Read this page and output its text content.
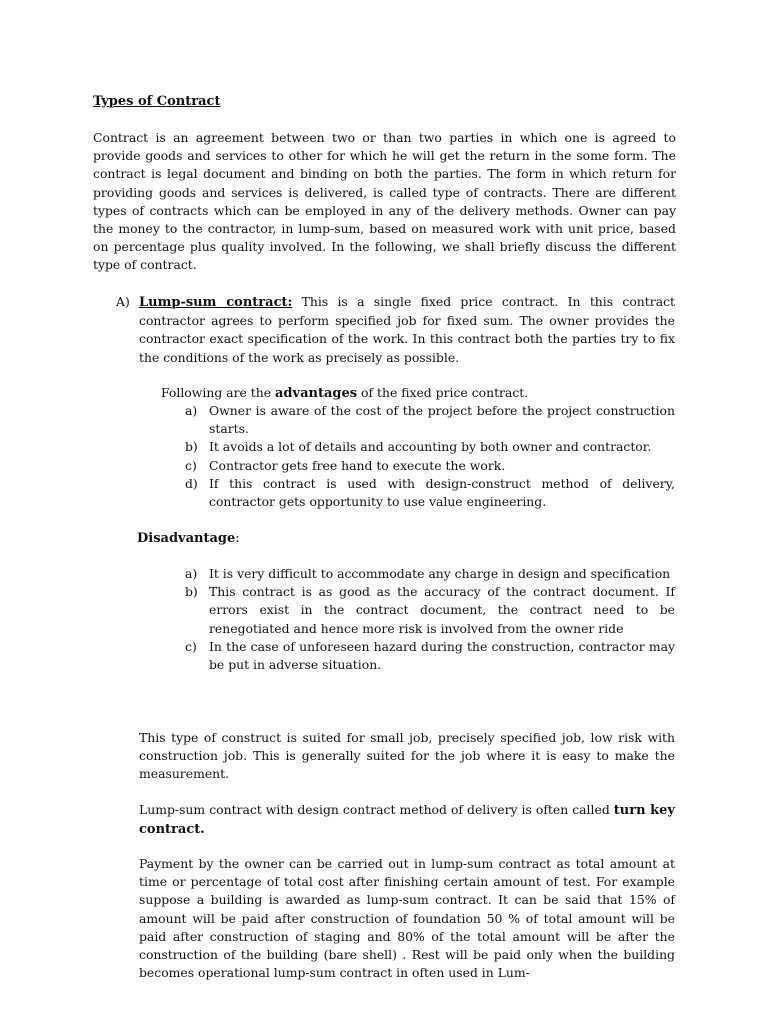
Types of Contract

Contract is an agreement between two or than two parties in which one is agreed to provide goods and services to other for which he will get the return in the some form. The contract is legal document and binding on both the parties. The form in which return for providing goods and services is delivered, is called type of contracts. There are different types of contracts which can be employed in any of the delivery methods. Owner can pay the money to the contractor, in lump-sum, based on measured work with unit price, based on percentage plus quality involved. In the following, we shall briefly discuss the different type of contract.

A) Lump-sum contract: This is a single fixed price contract. In this contract contractor agrees to perform specified job for fixed sum. The owner provides the contractor exact specification of the work. In this contract both the parties try to fix the conditions of the work as precisely as possible.

Following are the advantages of the fixed price contract.
a) Owner is aware of the cost of the project before the project construction starts.
b) It avoids a lot of details and accounting by both owner and contractor.
c) Contractor gets free hand to execute the work.
d) If this contract is used with design-construct method of delivery, contractor gets opportunity to use value engineering.
Disadvantage:
a) It is very difficult to accommodate any charge in design and specification
b) This contract is as good as the accuracy of the contract document. If errors exist in the contract document, the contract need to be renegotiated and hence more risk is involved from the owner ride
c) In the case of unforeseen hazard during the construction, contractor may be put in adverse situation.

This type of construct is suited for small job, precisely specified job, low risk with construction job. This is generally suited for the job where it is easy to make the measurement.

Lump-sum contract with design contract method of delivery is often called turn key contract.

Payment by the owner can be carried out in lump-sum contract as total amount at time or percentage of total cost after finishing certain amount of test. For example suppose a building is awarded as lump-sum contract. It can be said that 15% of amount will be paid after construction of foundation 50 % of total amount will be paid after construction of staging and 80% of the total amount will be after the construction of the building (bare shell) . Rest will be paid only when the building becomes operational lump-sum contract in often used in Lum-
